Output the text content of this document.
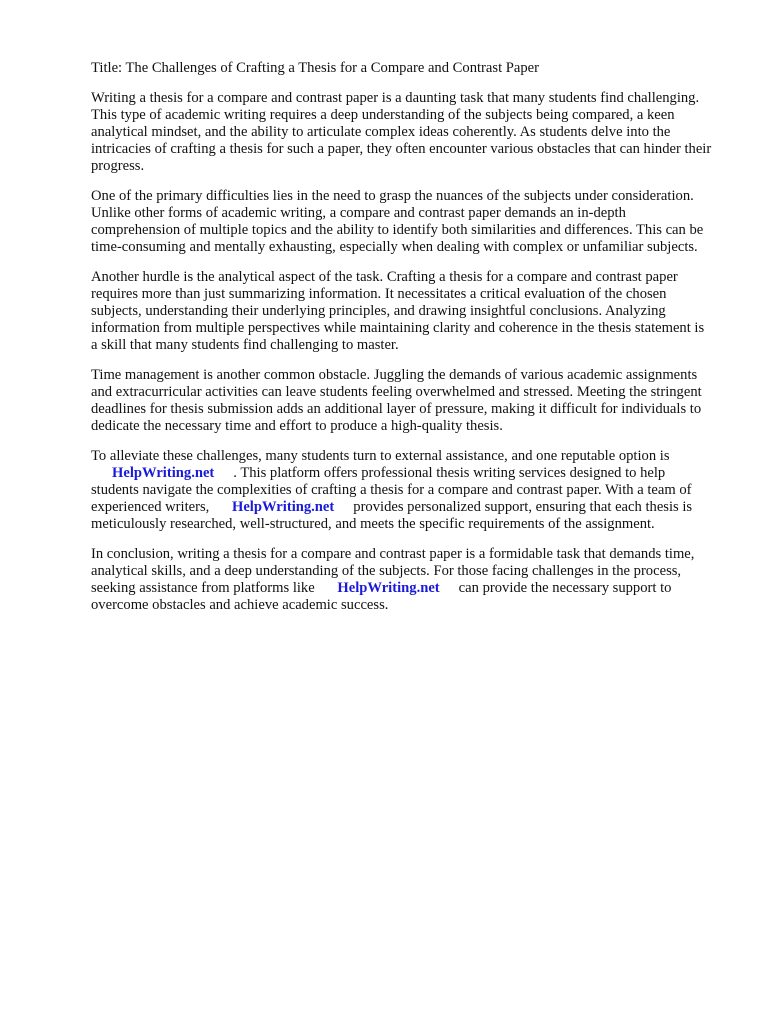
Title: The Challenges of Crafting a Thesis for a Compare and Contrast Paper

Writing a thesis for a compare and contrast paper is a daunting task that many students find challenging. This type of academic writing requires a deep understanding of the subjects being compared, a keen analytical mindset, and the ability to articulate complex ideas coherently. As students delve into the intricacies of crafting a thesis for such a paper, they often encounter various obstacles that can hinder their progress.

One of the primary difficulties lies in the need to grasp the nuances of the subjects under consideration. Unlike other forms of academic writing, a compare and contrast paper demands an in-depth comprehension of multiple topics and the ability to identify both similarities and differences. This can be time-consuming and mentally exhausting, especially when dealing with complex or unfamiliar subjects.

Another hurdle is the analytical aspect of the task. Crafting a thesis for a compare and contrast paper requires more than just summarizing information. It necessitates a critical evaluation of the chosen subjects, understanding their underlying principles, and drawing insightful conclusions. Analyzing information from multiple perspectives while maintaining clarity and coherence in the thesis statement is a skill that many students find challenging to master.

Time management is another common obstacle. Juggling the demands of various academic assignments and extracurricular activities can leave students feeling overwhelmed and stressed. Meeting the stringent deadlines for thesis submission adds an additional layer of pressure, making it difficult for individuals to dedicate the necessary time and effort to produce a high-quality thesis.

To alleviate these challenges, many students turn to external assistance, and one reputable option is HelpWriting.net . This platform offers professional thesis writing services designed to help students navigate the complexities of crafting a thesis for a compare and contrast paper. With a team of experienced writers, HelpWriting.net provides personalized support, ensuring that each thesis is meticulously researched, well-structured, and meets the specific requirements of the assignment.

In conclusion, writing a thesis for a compare and contrast paper is a formidable task that demands time, analytical skills, and a deep understanding of the subjects. For those facing challenges in the process, seeking assistance from platforms like HelpWriting.net can provide the necessary support to overcome obstacles and achieve academic success.
